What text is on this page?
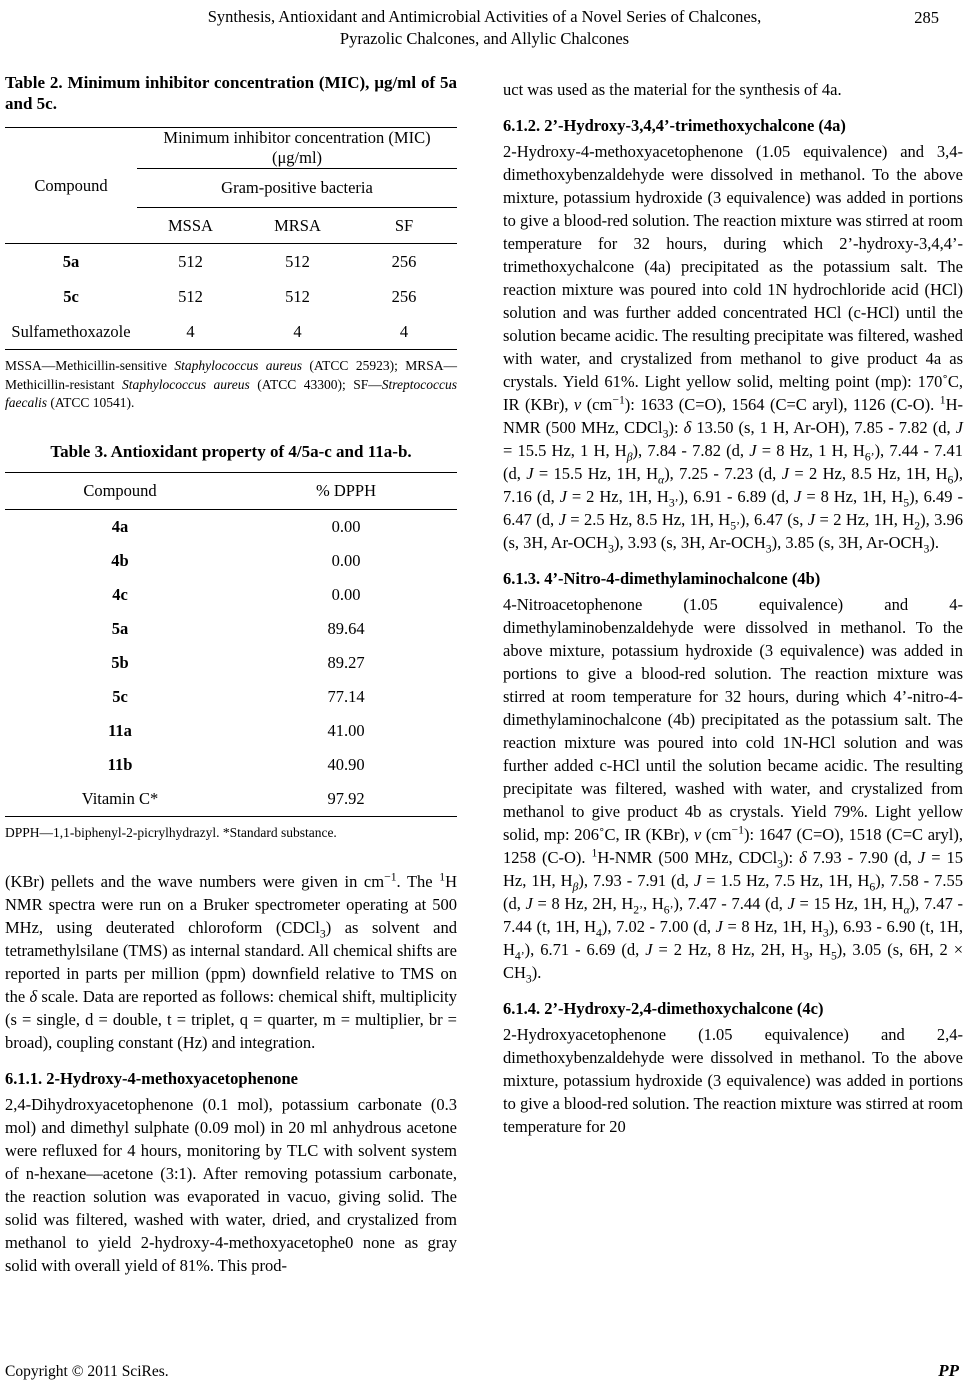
Synthesis, Antioxidant and Antimicrobial Activities of a Novel Series of Chalcones,
Pyrazolic Chalcones, and Allylic Chalcones
285

Table 2. Minimum inhibitor concentration (MIC), μg/ml of 5a and 5c.

Compound	Minimum inhibitor concentration (MIC) (μg/ml)		
	Gram-positive bacteria		
	MSSA	MRSA	SF
5a	512	512	256
5c	512	512	256
Sulfamethoxazole	4	4	4

MSSA—Methicillin-sensitive Staphylococcus aureus (ATCC 25923); MRSA—Methicillin-resistant Staphylococcus aureus (ATCC 43300); SF—Streptococcus faecalis (ATCC 10541).

Table 3. Antioxidant property of 4/5a-c and 11a-b.

Compound	% DPPH
4a	0.00
4b	0.00
4c	0.00
5a	89.64
5b	89.27
5c	77.14
11a	41.00
11b	40.90
Vitamin C*	97.92

DPPH—1,1-biphenyl-2-picrylhydrazyl. *Standard substance.

(KBr) pellets and the wave numbers were given in $cm^{-1}$. The $^1$H NMR spectra were run on a Bruker spectrometer operating at 500 MHz, using deuterated chloroform (CDCl$_3$) as solvent and tetramethylsilane (TMS) as internal standard. All chemical shifts are reported in parts per million (ppm) downfield relative to TMS on the δ scale. Data are reported as follows: chemical shift, multiplicity (s = single, d = double, t = triplet, q = quarter, m = multiplier, br = broad), coupling constant (Hz) and integration.

6.1.1. 2-Hydroxy-4-methoxyacetophenone

2,4-Dihydroxyacetophenone (0.1 mol), potassium carbonate (0.3 mol) and dimethyl sulphate (0.09 mol) in 20 ml anhydrous acetone were refluxed for 4 hours, monitoring by TLC with solvent system of n-hexane—acetone (3:1). After removing potassium carbonate, the reaction solution was evaporated in vacuo, giving solid. The solid was filtered, washed with water, dried, and crystalized from methanol to yield 2-hydroxy-4-methoxyacetophe0 none as gray solid with overall yield of 81%. This prod-

uct was used as the material for the synthesis of 4a.

6.1.2. 2’-Hydroxy-3,4,4’-trimethoxychalcone (4a)

2-Hydroxy-4-methoxyacetophenone (1.05 equivalence) and 3,4-dimethoxybenzaldehyde were dissolved in methanol. To the above mixture, potassium hydroxide (3 equivalence) was added in portions to give a blood-red solution. The reaction mixture was stirred at room temperature for 32 hours, during which 2’-hydroxy-3,4,4’-trimethoxychalcone (4a) precipitated as the potassium salt. The reaction mixture was poured into cold 1N hydrochloride acid (HCl) solution and was further added concentrated HCl (c-HCl) until the solution became acidic. The resulting precipitate was filtered, washed with water, and crystalized from methanol to give product 4a as crystals. Yield 61%. Light yellow solid, melting point (mp): 170˚C, IR (KBr), v $(cm^{-1})$: 1633 (C=O), 1564 (C=C aryl), 1126 (C-O). $^1$H-NMR (500 MHz, CDCl$_3$): δ 13.50 (s, 1 H, Ar-OH), 7.85 - 7.82 (d, J = 15.5 Hz, 1 H, $H_\beta$), 7.84 - 7.82 (d, J = 8 Hz, 1 H, $H_{6’}$), 7.44 - 7.41 (d, J = 15.5 Hz, 1H, $H_\alpha$), 7.25 - 7.23 (d, J = 2 Hz, 8.5 Hz, 1H, $H_6$), 7.16 (d, J = 2 Hz, 1H, $H_{3’}$), 6.91 - 6.89 (d, J = 8 Hz, 1H, $H_5$), 6.49 - 6.47 (d, J = 2.5 Hz, 8.5 Hz, 1H, $H_{5’}$), 6.47 (s, J = 2 Hz, 1H, $H_2$), 3.96 (s, 3H, $Ar-OCH_3$), 3.93 (s, 3H, $Ar-OCH_3$), 3.85 (s, 3H, $Ar-OCH_3$).

6.1.3. 4’-Nitro-4-dimethylaminochalcone (4b)

4-Nitroacetophenone (1.05 equivalence) and 4-dimethylaminobenzaldehyde were dissolved in methanol. To the above mixture, potassium hydroxide (3 equivalence) was added in portions to give a blood-red solution. The reaction mixture was stirred at room temperature for 32 hours, during which 4’-nitro-4-dimethylaminochalcone (4b) precipitated as the potassium salt. The reaction mixture was poured into cold 1N-HCl solution and was further added c-HCl until the solution became acidic. The resulting precipitate was filtered, washed with water, and crystalized from methanol to give product 4b as crystals. Yield 79%. Light yellow solid, mp: 206˚C, IR (KBr), v $(cm^{-1})$: 1647 (C=O), 1518 (C=C aryl), 1258 (C-O). $^1$H-NMR (500 MHz, CDCl$_3$): δ 7.93 - 7.90 (d, J = 15 Hz, 1H, $H_\beta$), 7.93 - 7.91 (d, J = 1.5 Hz, 7.5 Hz, 1H, $H_6$), 7.58 - 7.55 (d, J = 8 Hz, 2H, $H_{2’}$, $H_{6’}$), 7.47 - 7.44 (d, J = 15 Hz, 1H, $H_\alpha$), 7.47 - 7.44 (t, 1H, $H_4$), 7.02 - 7.00 (d, J = 8 Hz, 1H, $H_3$), 6.93 - 6.90 (t, 1H, $H_{4’}$), 6.71 - 6.69 (d, J = 2 Hz, 8 Hz, 2H, $H_3$, $H_5$), 3.05 (s, 6H, $2 \times CH_3$).

6.1.4. 2’-Hydroxy-2,4-dimethoxychalcone (4c)

2-Hydroxyacetophenone (1.05 equivalence) and 2,4-dimethoxybenzaldehyde were dissolved in methanol. To the above mixture, potassium hydroxide (3 equivalence) was added in portions to give a blood-red solution. The reaction mixture was stirred at room temperature for 20

Copyright © 2011 SciRes.	PP
